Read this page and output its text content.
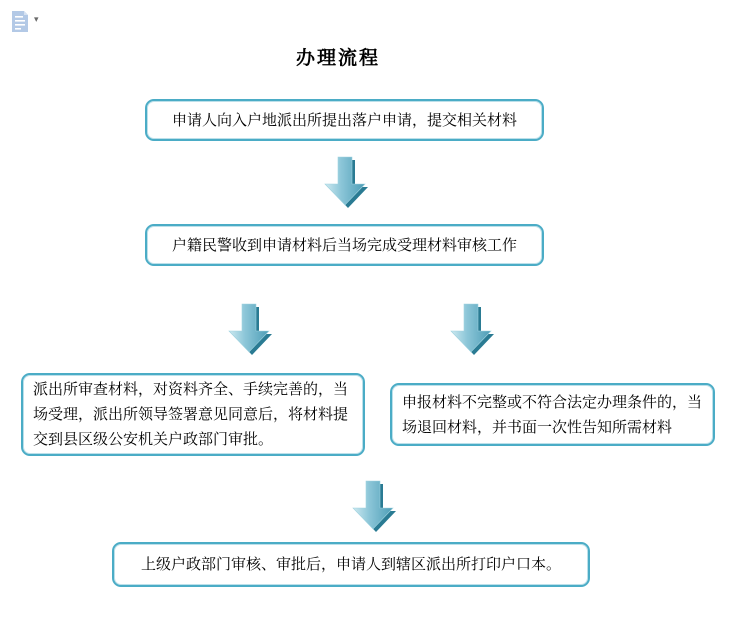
▾
办理流程
申请人向入户地派出所提出落户申请，提交相关材料
户籍民警收到申请材料后当场完成受理材料审核工作
派出所审查材料，对资料齐全、手续完善的，当场受理，派出所领导签署意见同意后，将材料提交到县区级公安机关户政部门审批。
申报材料不完整或不符合法定办理条件的，当场退回材料，并书面一次性告知所需材料
上级户政部门审核、审批后，申请人到辖区派出所打印户口本。
